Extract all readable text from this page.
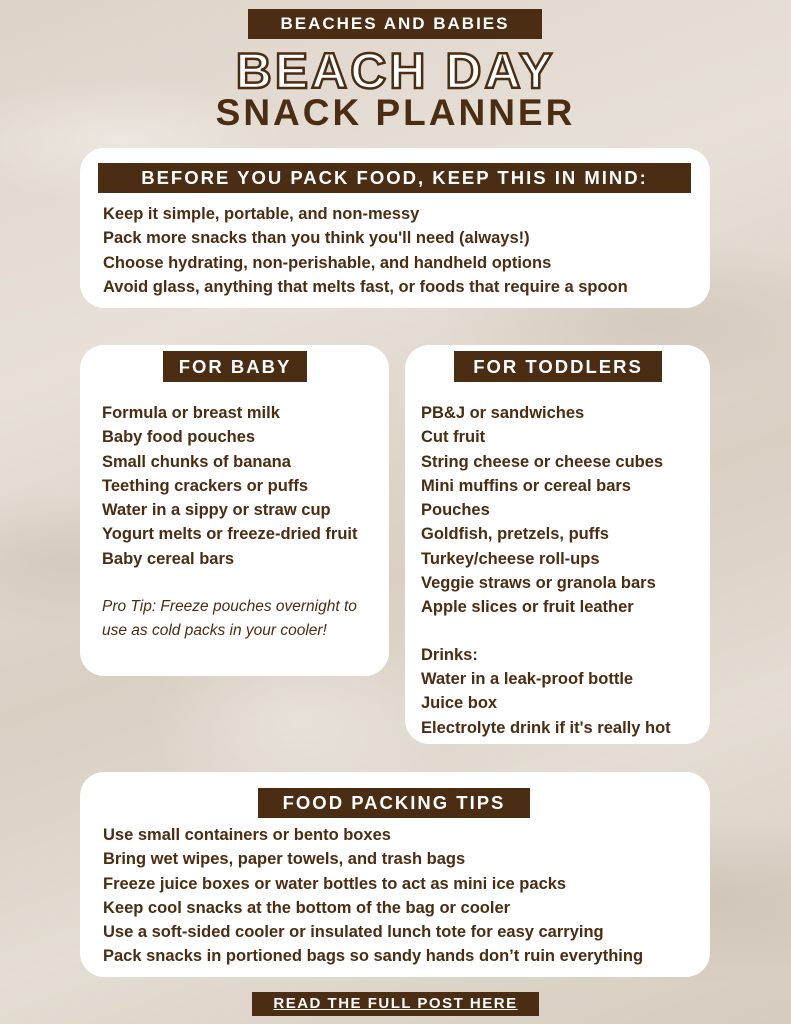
BEACHES AND BABIES
BEACH DAY
SNACK PLANNER
BEFORE YOU PACK FOOD, KEEP THIS IN MIND:
Keep it simple, portable, and non-messy
Pack more snacks than you think you'll need (always!)
Choose hydrating, non-perishable, and handheld options
Avoid glass, anything that melts fast, or foods that require a spoon
FOR BABY
Formula or breast milk
Baby food pouches
Small chunks of banana
Teething crackers or puffs
Water in a sippy or straw cup
Yogurt melts or freeze-dried fruit
Baby cereal bars
Pro Tip: Freeze pouches overnight to use as cold packs in your cooler!
FOR TODDLERS
PB&J or sandwiches
Cut fruit
String cheese or cheese cubes
Mini muffins or cereal bars
Pouches
Goldfish, pretzels, puffs
Turkey/cheese roll-ups
Veggie straws or granola bars
Apple slices or fruit leather
Drinks:
Water in a leak-proof bottle
Juice box
Electrolyte drink if it's really hot
FOOD PACKING TIPS
Use small containers or bento boxes
Bring wet wipes, paper towels, and trash bags
Freeze juice boxes or water bottles to act as mini ice packs
Keep cool snacks at the bottom of the bag or cooler
Use a soft-sided cooler or insulated lunch tote for easy carrying
Pack snacks in portioned bags so sandy hands don’t ruin everything
READ THE FULL POST HERE
